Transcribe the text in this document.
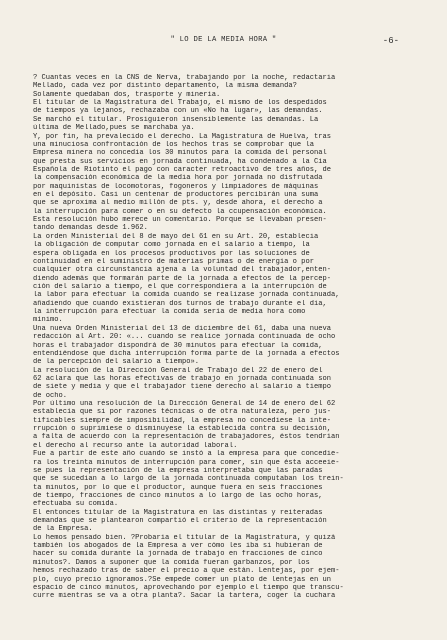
" LO DE LA MEDIA HORA "	-6-
? Cuantas veces en la CNS de Nerva, trabajando por la noche, redactaria
Mellado, cada vez por distinto departamento, la misma demanda?
Solamente quedaban dos, trasporte y minería.
El titular de la Magistratura del Trabajo, el mismo de los despedidos
de tiempos ya lejanos, rechazaba con un «No ha lugar», las demandas.
Se marchó el titular. Prosiguieron insensiblemente las demandas. La
última de Mellado,pues se marchaba ya.
Y, por fín, ha prevalecido el derecho. La Magistratura de Huelva, tras
una minuciosa confrontación de los hechos tras se comprobar que la
Empresa minera no concedía los 30 minutos para la comida del personal
que presta sus servicios en jornada continuada, ha condenado a la Cía
Española de Riotinto el pago con caracter retroactivo de tres años, de
la compensación económica de la media hora por jornada no disfrutada
por maquinistas de locomotoras, fogoneros y limpiadores de máquinas
en el depósito. Casi un centenar de productores percibirán una suma
que se aproxima al medio millón de pts. y, desde ahora, el derecho a
la interrupción para comer o en su defecto la ccupensación económica.
Esta resolución hubo merece un comentario. Porque se llevaban presen-
tando demandas desde 1.962.
La orden Ministerial del 8 de mayo del 61 en su Art. 20, establecia
la obligación de computar como jornada en el salario a tiempo, la
espera obligada en los procesos productivos por las soluciones de
continuidad en el suministro de materias primas o de energía o por
cualquier otra circunstancia ajena a la voluntad del trabajador,enten-
diendo además que formarán parte de la jornada a efectos de la percep-
ción del salario a tiempo, el que correspondiera a la interrupción de
la labor para efectuar la comida cuando se realizase jornada continuada,
añadiendo que cuando existieran dos turnos de trabajo durante el día,
la interrupción para efectuar la comida sería de media hora como
mínimo.
Una nueva Orden Ministerial del 13 de diciembre del 61, daba una nueva
redacción al Art. 20: «... cuando se realice jornada continuada de ocho
horas el trabajador dispondrá de 30 minutos para efectuar la comida,
entendiéndose que dicha interrupción forma parte de la jornada a efectos
de la percepción del salario a tiempo».
La resolución de la Dirección General de Trabajo del 22 de enero del
62 aclara que las horas efectivas de trabajo en jornada continuada son
de siete y media y que el trabajador tiene derecho al salario a tiempo
de ocho.
Por último una resolución de la Dirección General de 14 de enero del 62
establecía que si por razones técnicas o de otra naturaleza, pero jus-
tificables siempre de imposibilidad, la empresa no concediese la inte-
rrupción o suprimiese o disminuyese la establecida contra su decisión,
a falta de acuerdo con la representación de trabajadores, éstos tendrían
el derecho al recurso ante la autoridad laboral.
Fue a partir de este año cuando se instó a la empresa para que concedie-
ra los treinta minutos de interrupción para comer, sin que ésta acceeie-
se pues la representación de la empresa interpretaba que las paradas
que se sucedían a lo largo de la jornada continuada computaban los trein-
ta minutos, por lo que el productor, aunque fuera en seis fracciones
de tiempo, fracciones de cinco minutos a lo largo de las ocho horas,
efectuaba su comida.
El entonces titular de la Magistratura en las distintas y reiteradas
demandas que se plantearon compartió el criterio de la representación
de la Empresa.
Lo hemos pensado bien. ?Probaría el titular de la Magistratura, y quizá
también los abogados de la Empresa a ver cómo les iba si hubieran de
hacer su comida durante la jornada de trabajo en fracciones de cinco
minutos?. Damos a suponer que la comida fueran garbanzos, por los
hemos rechazado tras de saber el precio a que están. Lentejas, por ejem-
plo, cuyo precio ignoramos.?Se empede comer un plato de lentejas en un
espacio de cinco minutos, aprovechando por ejemplo el tiempo que transcu-
curre mientras se va a otra planta?. Sacar la tartera, coger la cuchara
